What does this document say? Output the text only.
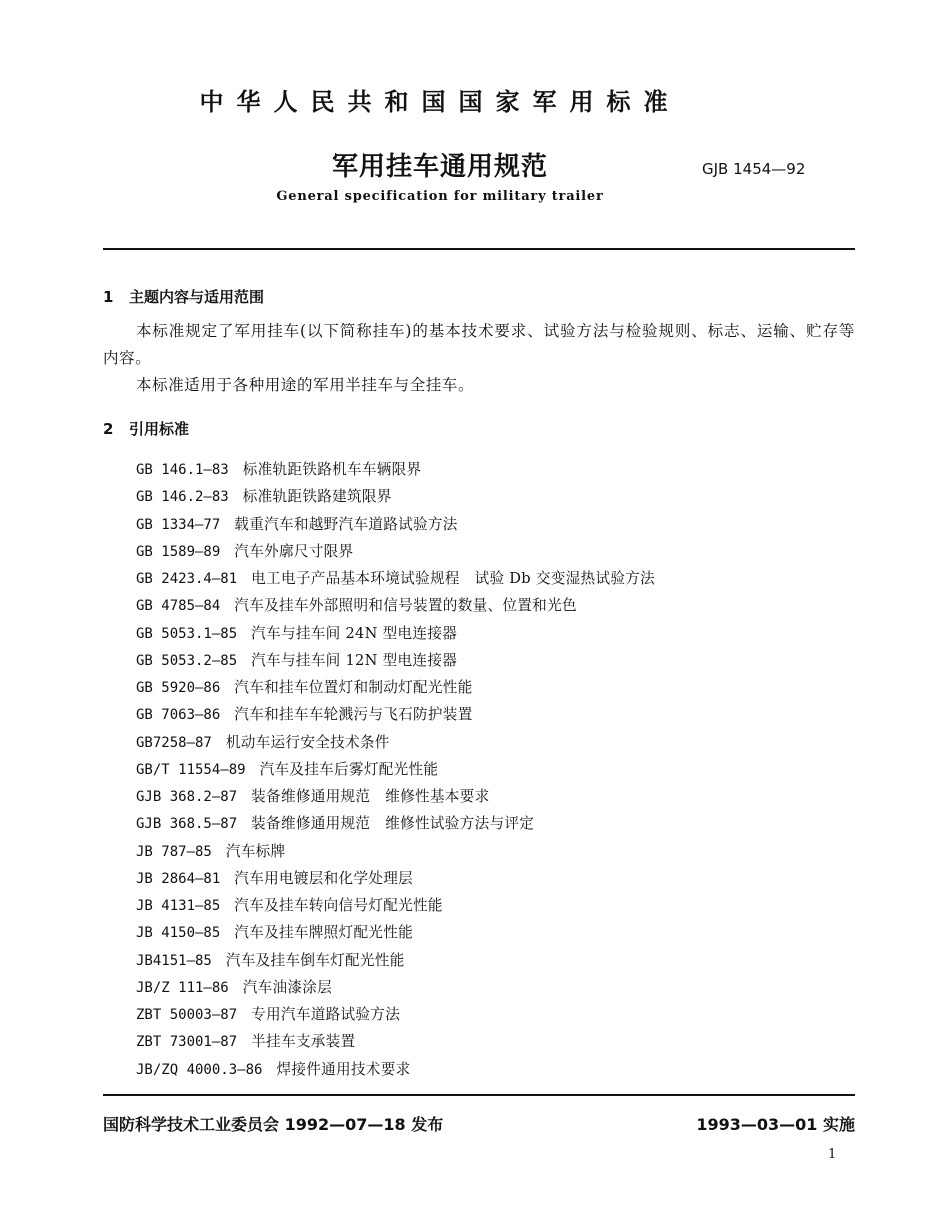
中华人民共和国国家军用标准
军用挂车通用规范	GJB 1454—92
General specification for military trailer
1 主题内容与适用范围
本标准规定了军用挂车(以下简称挂车)的基本技术要求、试验方法与检验规则、标志、运输、贮存等内容。
本标准适用于各种用途的军用半挂车与全挂车。
2 引用标准
GB 146.1—83 标准轨距铁路机车车辆限界
GB 146.2—83 标准轨距铁路建筑限界
GB 1334—77 载重汽车和越野汽车道路试验方法
GB 1589—89 汽车外廓尺寸限界
GB 2423.4—81 电工电子产品基本环境试验规程　试验 Db 交变湿热试验方法
GB 4785—84 汽车及挂车外部照明和信号装置的数量、位置和光色
GB 5053.1—85 汽车与挂车间 24N 型电连接器
GB 5053.2—85 汽车与挂车间 12N 型电连接器
GB 5920—86 汽车和挂车位置灯和制动灯配光性能
GB 7063—86 汽车和挂车车轮溅污与飞石防护装置
GB7258—87 机动车运行安全技术条件
GB/T 11554—89 汽车及挂车后雾灯配光性能
GJB 368.2—87 装备维修通用规范　维修性基本要求
GJB 368.5—87 装备维修通用规范　维修性试验方法与评定
JB 787—85 汽车标牌
JB 2864—81 汽车用电镀层和化学处理层
JB 4131—85 汽车及挂车转向信号灯配光性能
JB 4150—85 汽车及挂车牌照灯配光性能
JB4151—85 汽车及挂车倒车灯配光性能
JB/Z 111—86 汽车油漆涂层
ZBT 50003—87 专用汽车道路试验方法
ZBT 73001—87 半挂车支承装置
JB/ZQ 4000.3—86 焊接件通用技术要求
国防科学技术工业委员会 1992—07—18 发布	1993—03—01 实施
1
